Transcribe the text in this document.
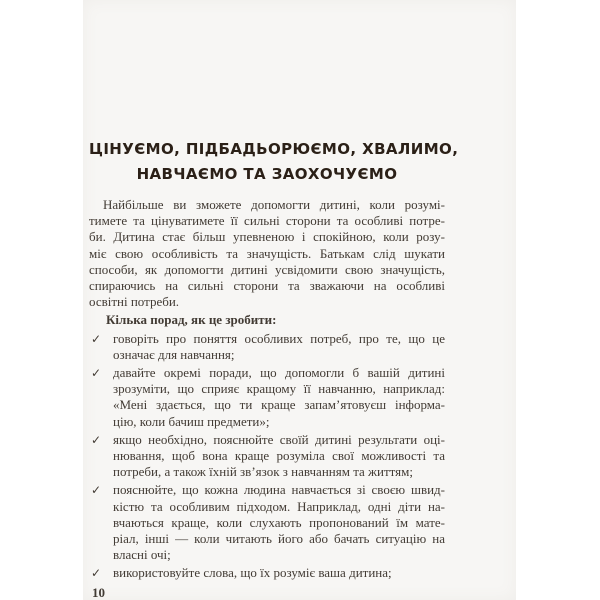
ЦІНУЄМО, ПІДБАДЬОРЮЄМО, ХВАЛИМО,
НАВЧАЄМО ТА ЗАОХОЧУЄМО
Найбільше ви зможете допомогти дитині, коли розумі-
тимете та цінуватимете її сильні сторони та особливі потре-
би. Дитина стає більш упевненою і спокійною, коли розу-
міє свою особливість та значущість. Батькам слід шукати
способи, як допомогти дитині усвідомити свою значущість,
спираючись на сильні сторони та зважаючи на особливі
освітні потреби.
Кілька порад, як це зробити:
✓ говоріть про поняття особливих потреб, про те, що це
означає для навчання;
✓ давайте окремі поради, що допомогли б вашій дитині
зрозуміти, що сприяє кращому її навчанню, наприклад:
«Мені здається, що ти краще запам’ятовуєш інформа-
цію, коли бачиш предмети»;
✓ якщо необхідно, пояснюйте своїй дитині результати оці-
нювання, щоб вона краще розуміла свої можливості та
потреби, а також їхній зв’язок з навчанням та життям;
✓ пояснюйте, що кожна людина навчається зі своєю швид-
кістю та особливим підходом. Наприклад, одні діти на-
вчаються краще, коли слухають пропонований їм мате-
ріал, інші — коли читають його або бачать ситуацію на
власні очі;
✓ використовуйте слова, що їх розуміє ваша дитина;
10
